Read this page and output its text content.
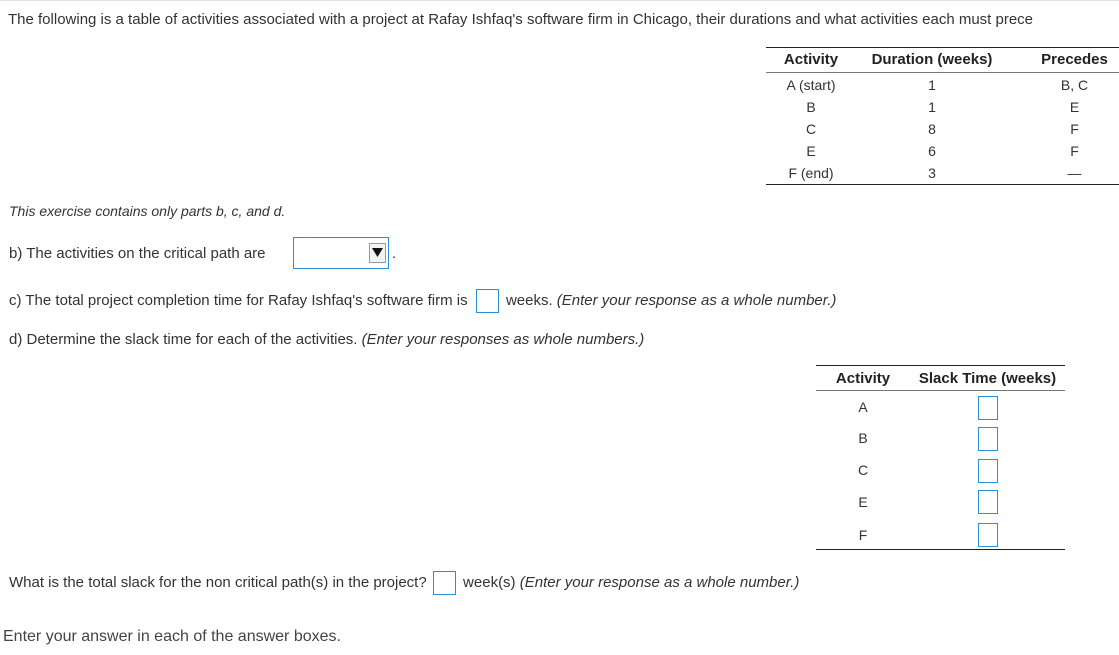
The following is a table of activities associated with a project at Rafay Ishfaq's software firm in Chicago, their durations and what activities each must prece
Activity	Duration (weeks)	Precedes
A (start)	1	B, C
B	1	E
C	8	F
E	6	F
F (end)	3	—
This exercise contains only parts b, c, and d.
b) The activities on the critical path are	.
c) The total project completion time for Rafay Ishfaq's software firm is	weeks. (Enter your response as a whole number.)
d) Determine the slack time for each of the activities. (Enter your responses as whole numbers.)
Activity	Slack Time (weeks)
A
B
C
E
F
What is the total slack for the non critical path(s) in the project? week(s) (Enter your response as a whole number.)
Enter your answer in each of the answer boxes.
